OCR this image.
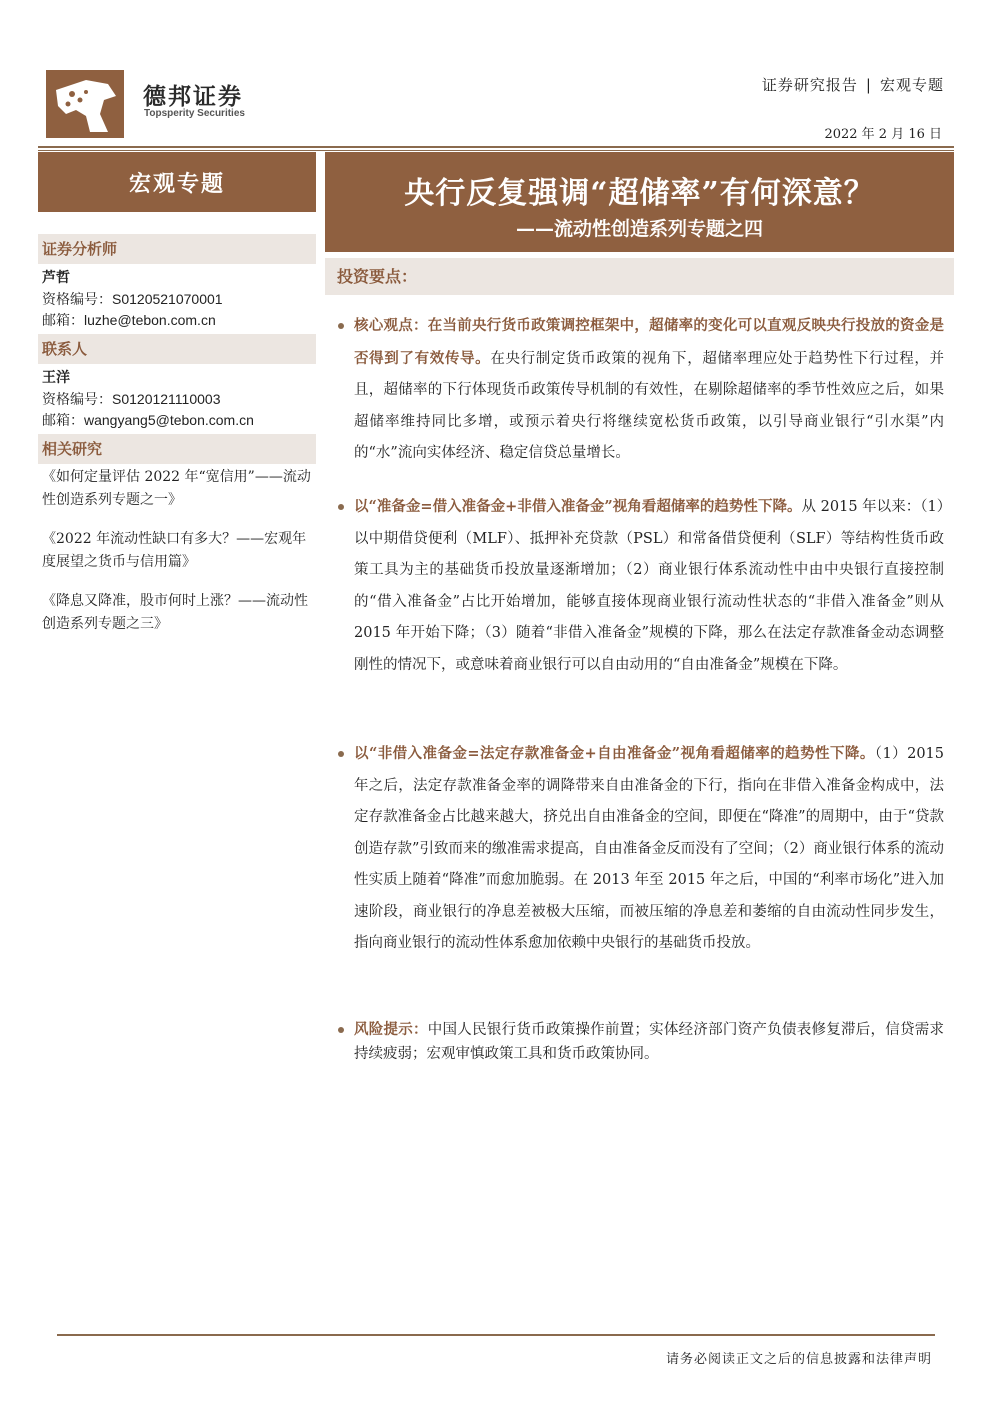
德邦证券
Topsperity Securities
证券研究报告 | 宏观专题
2022 年 2 月 16 日
宏观专题
证券分析师
芦哲
资格编号：S0120521070001
邮箱：luzhe@tebon.com.cn
联系人
王洋
资格编号：S0120121110003
邮箱：wangyang5@tebon.com.cn
相关研究
《如何定量评估 2022 年“宽信用”——流动性创造系列专题之一》
《2022 年流动性缺口有多大？——宏观年度展望之货币与信用篇》
《降息又降准，股市何时上涨？——流动性创造系列专题之三》
央行反复强调“超储率”有何深意？
——流动性创造系列专题之四
投资要点：

核心观点：在当前央行货币政策调控框架中，超储率的变化可以直观反映央行投放的资金是否得到了有效传导。在央行制定货币政策的视角下，超储率理应处于趋势性下行过程，并且，超储率的下行体现货币政策传导机制的有效性，在剔除超储率的季节性效应之后，如果超储率维持同比多增，或预示着央行将继续宽松货币政策，以引导商业银行“引水渠”内的“水”流向实体经济、稳定信贷总量增长。

以“准备金=借入准备金+非借入准备金”视角看超储率的趋势性下降。从 2015 年以来：（1）以中期借贷便利（MLF）、抵押补充贷款（PSL）和常备借贷便利（SLF）等结构性货币政策工具为主的基础货币投放量逐渐增加；（2）商业银行体系流动性中由中央银行直接控制的“借入准备金”占比开始增加，能够直接体现商业银行流动性状态的“非借入准备金”则从 2015 年开始下降；（3）随着“非借入准备金”规模的下降，那么在法定存款准备金动态调整刚性的情况下，或意味着商业银行可以自由动用的“自由准备金”规模在下降。

以“非借入准备金=法定存款准备金+自由准备金”视角看超储率的趋势性下降。（1）2015 年之后，法定存款准备金率的调降带来自由准备金的下行，指向在非借入准备金构成中，法定存款准备金占比越来越大，挤兑出自由准备金的空间，即便在“降准”的周期中，由于“贷款创造存款”引致而来的缴准需求提高，自由准备金反而没有了空间；（2）商业银行体系的流动性实质上随着“降准”而愈加脆弱。在 2013 年至 2015 年之后，中国的“利率市场化”进入加速阶段，商业银行的净息差被极大压缩，而被压缩的净息差和萎缩的自由流动性同步发生，指向商业银行的流动性体系愈加依赖中央银行的基础货币投放。

风险提示：中国人民银行货币政策操作前置；实体经济部门资产负债表修复滞后，信贷需求持续疲弱；宏观审慎政策工具和货币政策协同。

请务必阅读正文之后的信息披露和法律声明
